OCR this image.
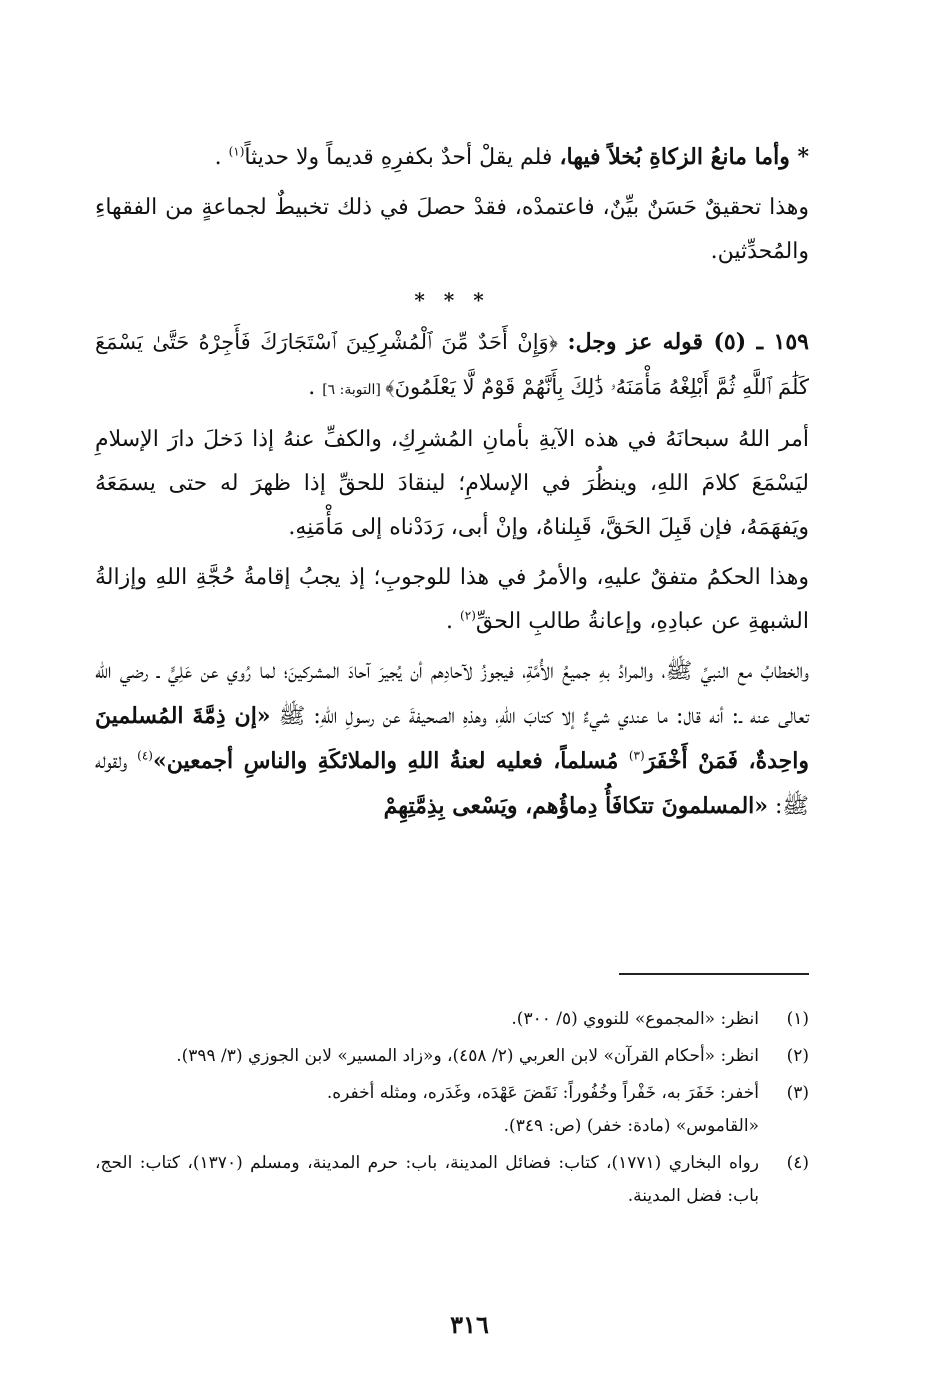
* وأما مانعُ الزكاةِ بُخلاً فيها، فلم يقلْ أحدٌ بكفرِهِ قديماً ولا حديثاً$^{(١)}$ .

وهذا تحقيقٌ حَسَنٌ بيِّنٌ، فاعتمدْه، فقدْ حصلَ في ذلك تخبيطٌ لجماعةٍ من الفقهاءِ والمُحدِّثين.

* * *

١٥٩ ـ (٥) قوله عز وجل: ﴿وَإِنْ أَحَدٌ مِّنَ ٱلْمُشْرِكِينَ ٱسْتَجَارَكَ فَأَجِرْهُ حَتَّىٰ يَسْمَعَ كَلَٰمَ ٱللَّهِ ثُمَّ أَبْلِغْهُ مَأْمَنَهُۥ ذَٰلِكَ بِأَنَّهُمْ قَوْمٌ لَّا يَعْلَمُونَ﴾ [التوبة: ٦] .

أمر اللهُ سبحانَهُ في هذه الآيةِ بأمانِ المُشرِكِ، والكفِّ عنهُ إذا دَخلَ دارَ الإسلامِ ليَسْمَعَ كلامَ اللهِ، وينظُرَ في الإسلامِ؛ لينقادَ للحقِّ إذا ظهرَ له حتى يسمَعَهُ ويَفهَمَهُ، فإن قَبِلَ الحَقَّ، قَبِلناهُ، وإنْ أبى، رَدَدْناه إلى مَأْمَنِهِ.

وهذا الحكمُ متفقٌ عليهِ، والأمرُ في هذا للوجوبِ؛ إذ يجبُ إقامةُ حُجَّةِ اللهِ وإزالةُ الشبهةِ عن عبادِهِ، وإعانةُ طالبِ الحقِّ$^{(٢)}$ .

والخطابُ مع النبيِّ ﷺ، والمرادُ بهِ جميعُ الأُمَّةِ، فيجوزُ لآحادِهم أن يُجيرَ آحادَ المشركينَ؛ لما رُوي عن عَلِيٍّ ـ رضي الله تعالى عنه ـ: أنه قال: ما عندي شيءٌ إلا كتابَ اللهِ، وهذهِ الصحيفةَ عن رسولِ اللهِ: ﷺ «إن ذِمَّةَ المُسلمينَ واحِدةٌ، فَمَنْ أَخْفَرَ$^{(٣)}$ مُسلماً، فعليه لعنةُ اللهِ والملائكَةِ والناسِ أجمعين»$^{(٤)}$ ولقوله ﷺ: «المسلمونَ تتكافَأُ دِماؤُهم، ويَسْعى بِذِمَّتِهِمْ

(١)
انظر: «المجموع» للنووي (٥/ ٣٠٠).
(٢)
انظر: «أحكام القرآن» لابن العربي (٢/ ٤٥٨)، و«زاد المسير» لابن الجوزي (٣/ ٣٩٩).
(٣)
أخفر: خَفَرَ به، خَفْراً وخُفُوراً: نَقَضَ عَهْدَه، وغَدَره، ومثله أخفره.
«القاموس» (مادة: خفر) (ص: ٣٤٩).
(٤)
رواه البخاري (١٧٧١)، كتاب: فضائل المدينة، باب: حرم المدينة، ومسلم (١٣٧٠)، كتاب: الحج، باب: فضل المدينة.
٣١٦
